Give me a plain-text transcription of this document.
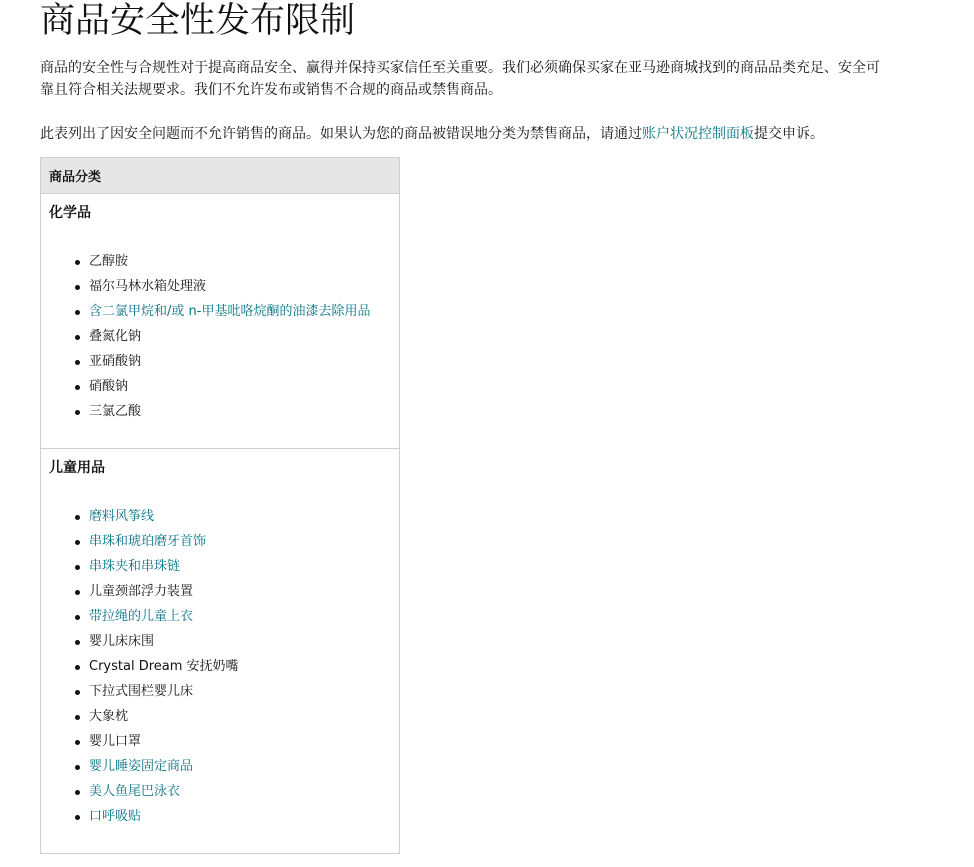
商品安全性发布限制

商品的安全性与合规性对于提高商品安全、赢得并保持买家信任至关重要。我们必须确保买家在亚马逊商城找到的商品品类充足、安全可靠且符合相关法规要求。我们不允许发布或销售不合规的商品或禁售商品。

此表列出了因安全问题而不允许销售的商品。如果认为您的商品被错误地分类为禁售商品，请通过账户状况控制面板提交申诉。

商品分类

化学品
乙醇胺
福尔马林水箱处理液
含二氯甲烷和/或 n-甲基吡咯烷酮的油漆去除用品
叠氮化钠
亚硝酸钠
硝酸钠
三氯乙酸

儿童用品
磨料风筝线
串珠和琥珀磨牙首饰
串珠夹和串珠链
儿童颈部浮力装置
带拉绳的儿童上衣
婴儿床床围
Crystal Dream 安抚奶嘴
下拉式围栏婴儿床
大象枕
婴儿口罩
婴儿睡姿固定商品
美人鱼尾巴泳衣
口呼吸贴
